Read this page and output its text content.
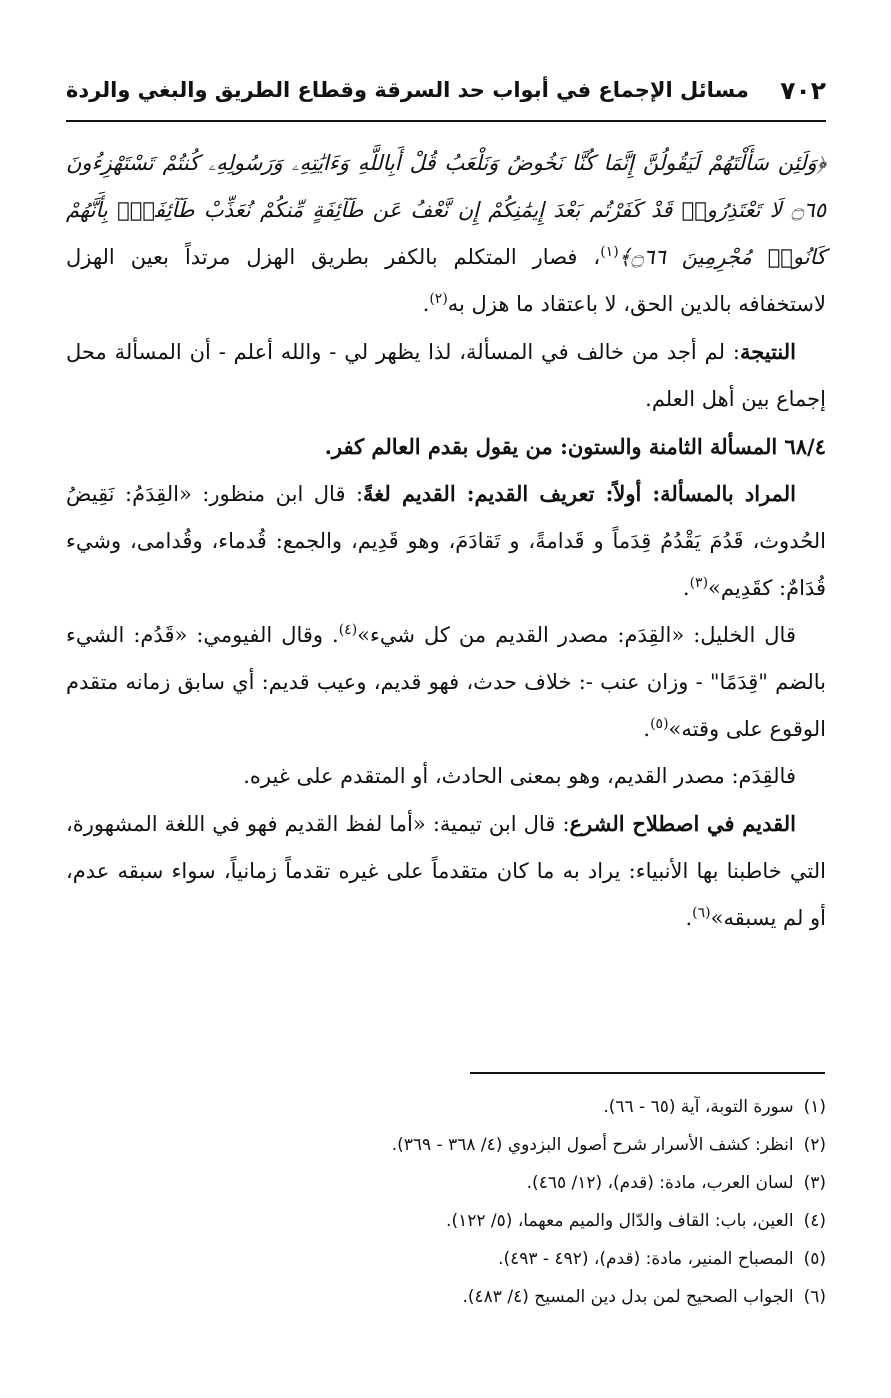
٧٠٢
مسائل الإجماع في أبواب حد السرقة وقطاع الطريق والبغي والردة

﴿وَلَئِن سَأَلْتَهُمْ لَيَقُولُنَّ إِنَّمَا كُنَّا نَخُوضُ وَنَلْعَبُ قُلْ أَبِاللَّهِ وَءَايَٰتِهِۦ وَرَسُولِهِۦ كُنتُمْ تَسْتَهْزِءُونَ ۝٦٥ لَا تَعْتَذِرُوا۟ قَدْ كَفَرْتُم بَعْدَ إِيمَٰنِكُمْ إِن نَّعْفُ عَن طَآئِفَةٍ مِّنكُمْ نُعَذِّبْ طَآئِفَةًۢ بِأَنَّهُمْ كَانُوا۟ مُجْرِمِينَ ۝٦٦﴾$^{(١)}$، فصار المتكلم بالكفر بطريق الهزل مرتداً بعين الهزل لاستخفافه بالدين الحق، لا باعتقاد ما هزل به$^{(٢)}$.

النتيجة: لم أجد من خالف في المسألة، لذا يظهر لي - والله أعلم - أن المسألة محل إجماع بين أهل العلم.

٦٨/٤ المسألة الثامنة والستون: من يقول بقدم العالم كفر.

المراد بالمسألة: أولاً: تعريف القديم: القديم لغةً: قال ابن منظور: «القِدَمُ: نَقِيضُ الحُدوث، قَدُمَ يَقْدُمُ قِدَماً و قَدامةً، و تَقادَمَ، وهو قَدِيم، والجمع: قُدماء، وقُدامى، وشيء قُدَامٌ: كقَدِيم»$^{(٣)}$.

قال الخليل: «القِدَم: مصدر القديم من كل شيء»$^{(٤)}$. وقال الفيومي: «قَدُم: الشيء بالضم "قِدَمًا" - وزان عنب -: خلاف حدث، فهو قديم، وعيب قديم: أي سابق زمانه متقدم الوقوع على وقته»$^{(٥)}$.

فالقِدَم: مصدر القديم، وهو بمعنى الحادث، أو المتقدم على غيره.

القديم في اصطلاح الشرع: قال ابن تيمية: «أما لفظ القديم فهو في اللغة المشهورة، التي خاطبنا بها الأنبياء: يراد به ما كان متقدماً على غيره تقدماً زمانياً، سواء سبقه عدم، أو لم يسبقه»$^{(٦)}$.

(١)سورة التوبة، آية (٦٥ - ٦٦).
(٢)انظر: كشف الأسرار شرح أصول البزدوي (٤/ ٣٦٨ - ٣٦٩).
(٣)لسان العرب، مادة: (قدم)، (١٢/ ٤٦٥).
(٤)العين، باب: القاف والدّال والميم معهما، (٥/ ١٢٢).
(٥)المصباح المنير، مادة: (قدم)، (٤٩٢ - ٤٩٣).
(٦)الجواب الصحيح لمن بدل دين المسيح (٤/ ٤٨٣).
